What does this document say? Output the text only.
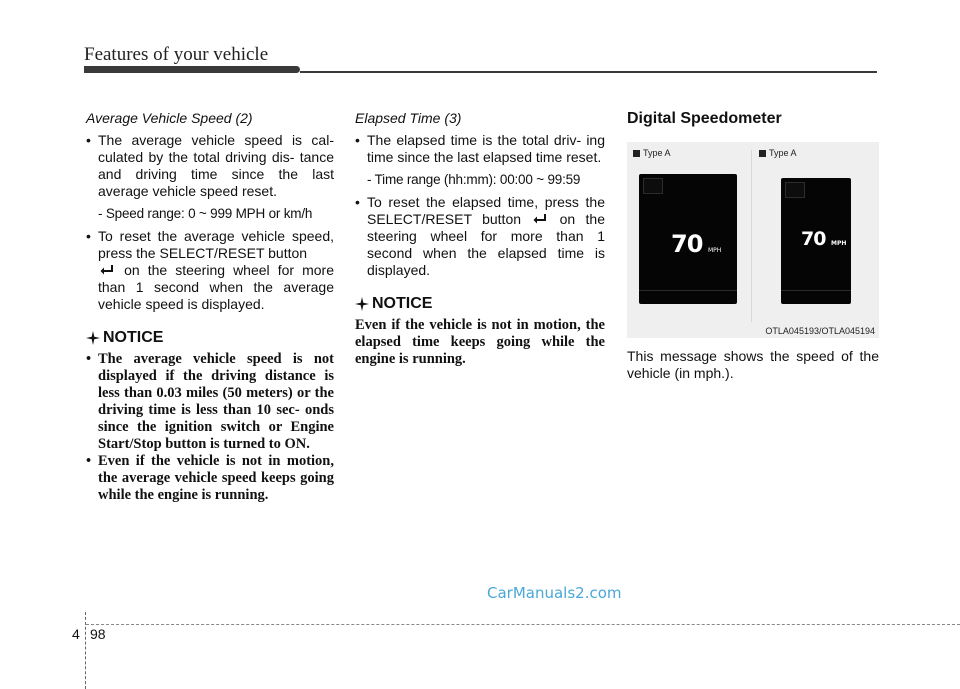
Features of your vehicle
Average Vehicle Speed (2)
• The average vehicle speed is cal- culated by the total driving dis- tance and driving time since the last average vehicle speed reset.
- Speed range: 0 ~ 999 MPH or km/h
• To reset the average vehicle speed, press the SELECT/RESET button
on the steering wheel for more than 1 second when the average vehicle speed is displayed.
NOTICE
• The average vehicle speed is not displayed if the driving distance is less than 0.03 miles (50 meters) or the driving time is less than 10 sec- onds since the ignition switch or Engine Start/Stop button is turned to ON.
• Even if the vehicle is not in motion, the average vehicle speed keeps going while the engine is running.
Elapsed Time (3)
• The elapsed time is the total driv- ing time since the last elapsed time reset.
- Time range (hh:mm): 00:00 ~ 99:59
• To reset the elapsed time, press the SELECT/RESET button	on the steering wheel for more than 1 second when the elapsed time is displayed.
NOTICE

Even if the vehicle is not in motion, the elapsed time keeps going while the engine is running.

Digital Speedometer
Type A
70 MPH
Type A
70 MPH
OTLA045193/OTLA045194

This message shows the speed of the vehicle (in mph.).

CarManuals2.com
4 98
